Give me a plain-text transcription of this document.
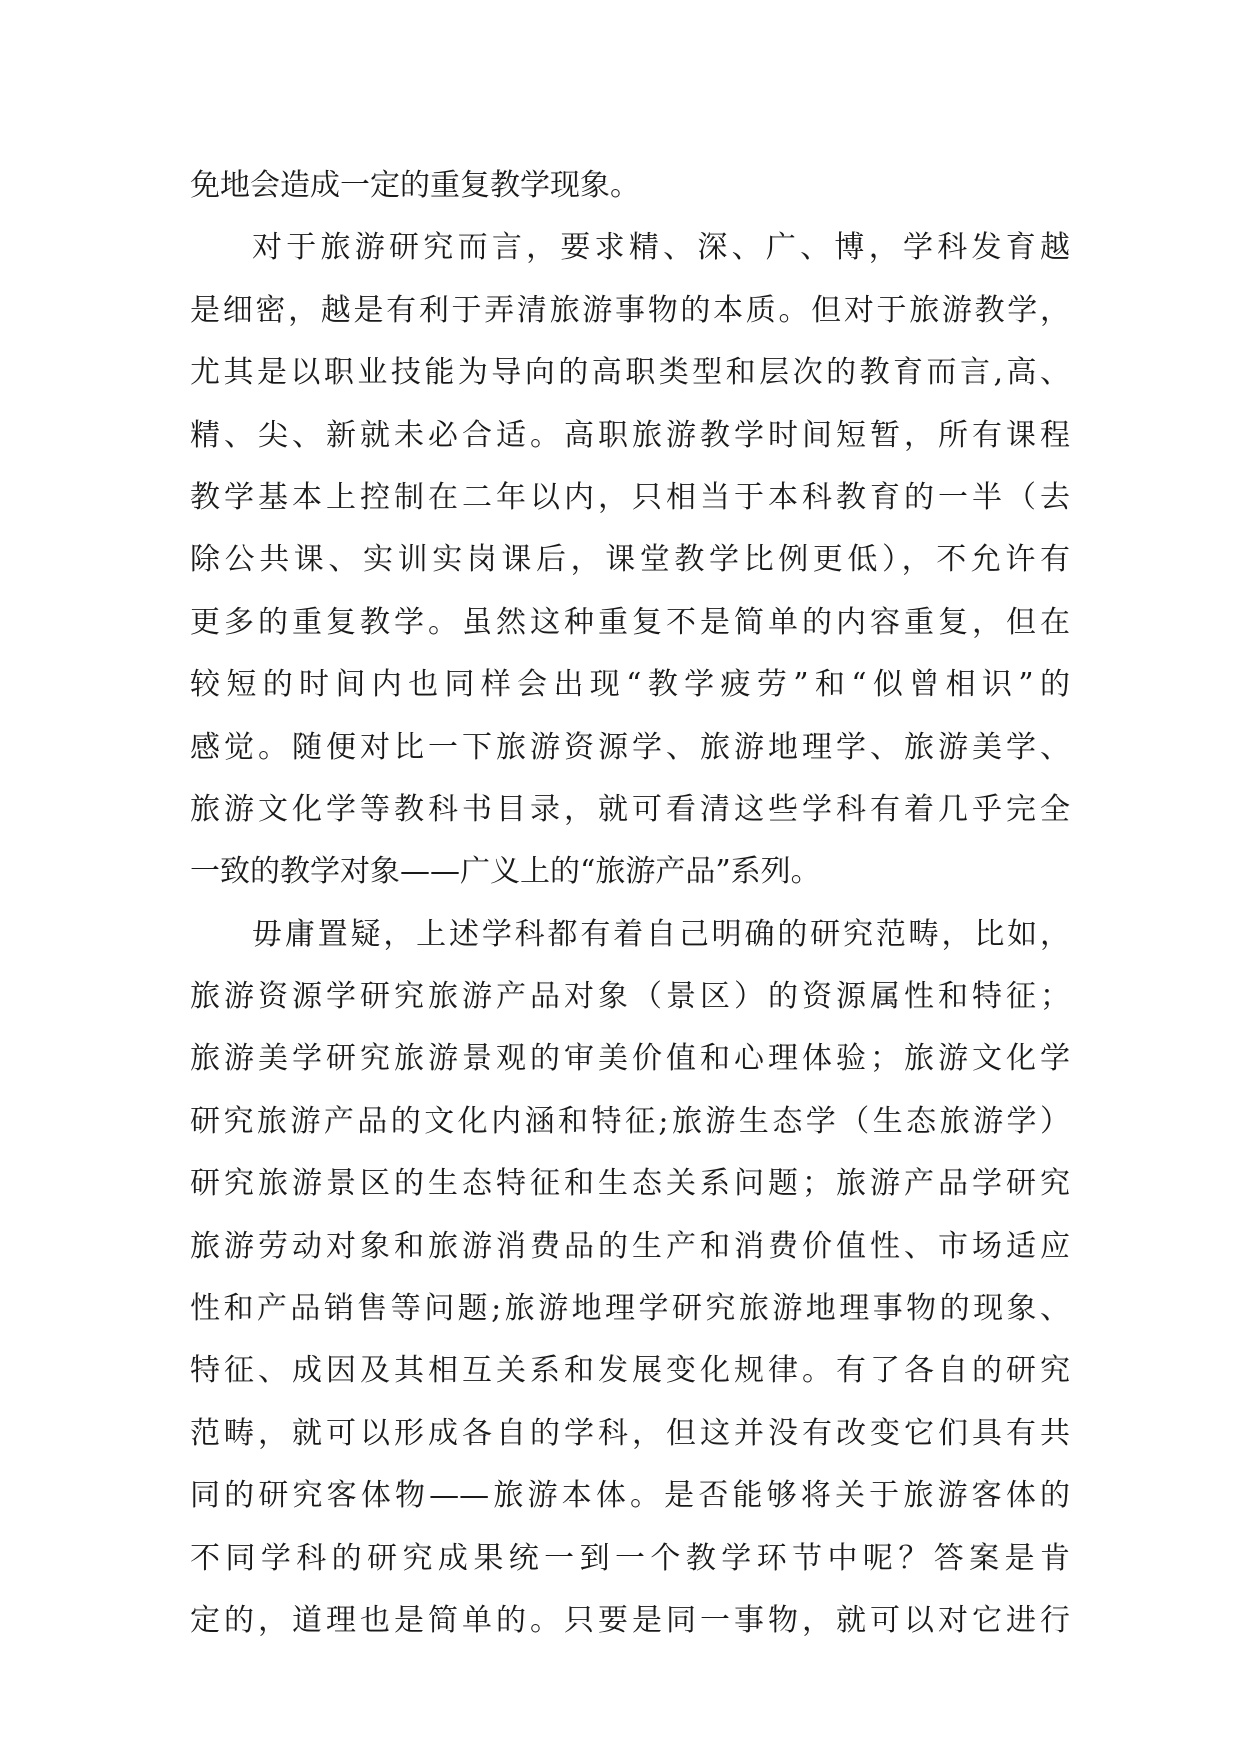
免地会造成一定的重复教学现象。
对于旅游研究而言，要求精、深、广、博，学科发育越
是细密，越是有利于弄清旅游事物的本质。但对于旅游教学，
尤其是以职业技能为导向的高职类型和层次的教育而言,高、
精、尖、新就未必合适。高职旅游教学时间短暂，所有课程
教学基本上控制在二年以内，只相当于本科教育的一半（去
除公共课、实训实岗课后，课堂教学比例更低），不允许有
更多的重复教学。虽然这种重复不是简单的内容重复，但在
较短的时间内也同样会出现“教学疲劳”和“似曾相识”的
感觉。随便对比一下旅游资源学、旅游地理学、旅游美学、
旅游文化学等教科书目录，就可看清这些学科有着几乎完全
一致的教学对象——广义上的“旅游产品”系列。
毋庸置疑，上述学科都有着自己明确的研究范畴，比如，
旅游资源学研究旅游产品对象（景区）的资源属性和特征；
旅游美学研究旅游景观的审美价值和心理体验；旅游文化学
研究旅游产品的文化内涵和特征;旅游生态学（生态旅游学）
研究旅游景区的生态特征和生态关系问题；旅游产品学研究
旅游劳动对象和旅游消费品的生产和消费价值性、市场适应
性和产品销售等问题;旅游地理学研究旅游地理事物的现象、
特征、成因及其相互关系和发展变化规律。有了各自的研究
范畴，就可以形成各自的学科，但这并没有改变它们具有共
同的研究客体物——旅游本体。是否能够将关于旅游客体的
不同学科的研究成果统一到一个教学环节中呢？答案是肯
定的，道理也是简单的。只要是同一事物，就可以对它进行
